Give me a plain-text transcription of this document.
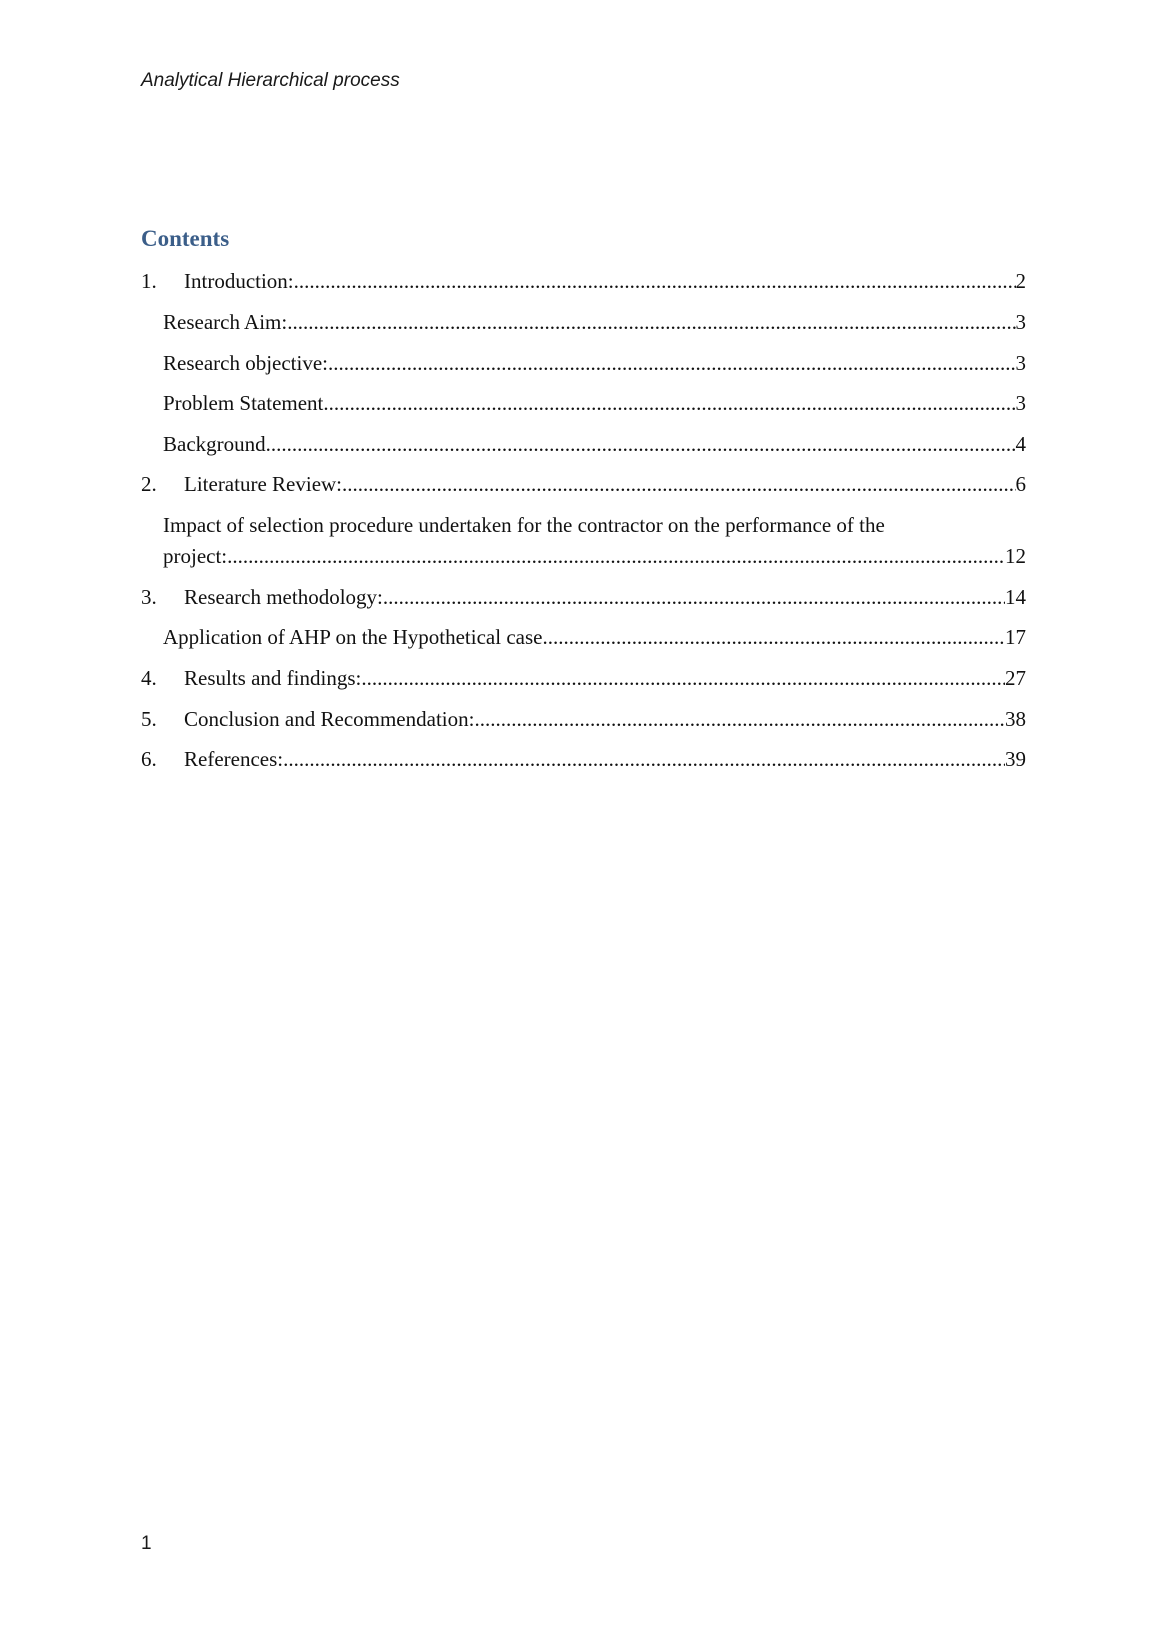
Analytical Hierarchical process
Contents
1.	Introduction: .....	2
Research Aim: .....	3
Research objective: .....	3
Problem Statement .....	3
Background .....	4
2.	Literature Review: .....	6
Impact of selection procedure undertaken for the contractor on the performance of the
project: .....	12
3.	Research methodology: .....	14
Application of AHP on the Hypothetical case .....	17
4.	Results and findings: .....	27
5.	Conclusion and Recommendation: .....	38
6.	References: .....	39
1
